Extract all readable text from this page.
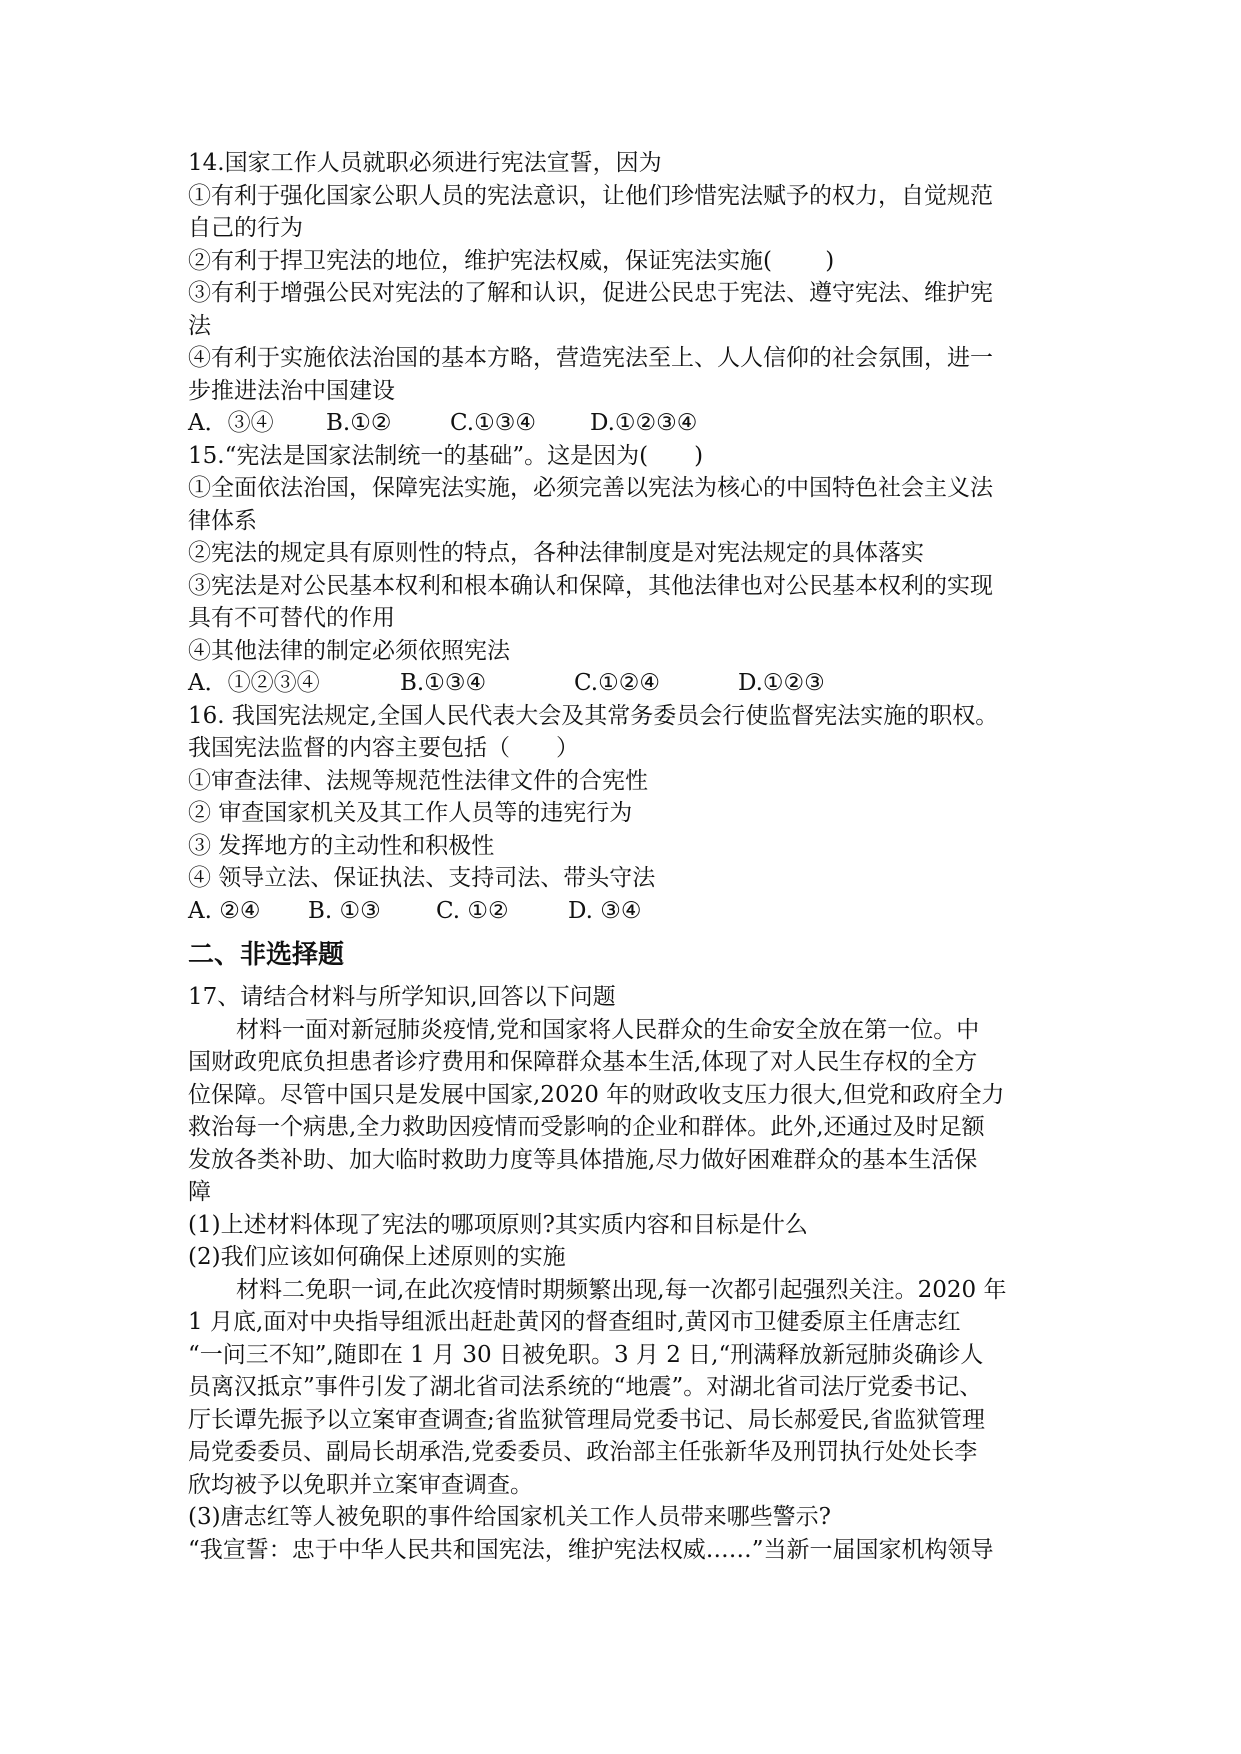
14.国家工作人员就职必须进行宪法宣誓，因为
①有利于强化国家公职人员的宪法意识，让他们珍惜宪法赋予的权力，自觉规范
自己的行为
②有利于捍卫宪法的地位，维护宪法权威，保证宪法实施(　　 )
③有利于增强公民对宪法的了解和认识，促进公民忠于宪法、遵守宪法、维护宪
法
④有利于实施依法治国的基本方略，营造宪法至上、人人信仰的社会氛围，进一
步推进法治中国建设
A．③④	B.①②	C.①③④	D.①②③④
15.“宪法是国家法制统一的基础”。这是因为(　　)
①全面依法治国，保障宪法实施，必须完善以宪法为核心的中国特色社会主义法
律体系
②宪法的规定具有原则性的特点，各种法律制度是对宪法规定的具体落实
③宪法是对公民基本权利和根本确认和保障，其他法律也对公民基本权利的实现
具有不可替代的作用
④其他法律的制定必须依照宪法
A．①②③④	B.①③④	C.①②④	D.①②③
16. 我国宪法规定,全国人民代表大会及其常务委员会行使监督宪法实施的职权。
我国宪法监督的内容主要包括（　　）
①审查法律、法规等规范性法律文件的合宪性
② 审查国家机关及其工作人员等的违宪行为
③ 发挥地方的主动性和积极性
④ 领导立法、保证执法、支持司法、带头守法
A. ②④	B. ①③	C. ①②	D. ③④
二、非选择题
17、请结合材料与所学知识,回答以下问题
材料一面对新冠肺炎疫情,党和国家将人民群众的生命安全放在第一位。中
国财政兜底负担患者诊疗费用和保障群众基本生活,体现了对人民生存权的全方
位保障。尽管中国只是发展中国家,2020 年的财政收支压力很大,但党和政府全力
救治每一个病患,全力救助因疫情而受影响的企业和群体。此外,还通过及时足额
发放各类补助、加大临时救助力度等具体措施,尽力做好困难群众的基本生活保
障
(1)上述材料体现了宪法的哪项原则?其实质内容和目标是什么
(2)我们应该如何确保上述原则的实施
材料二免职一词,在此次疫情时期频繁出现,每一次都引起强烈关注。2020 年
1 月底,面对中央指导组派出赶赴黄冈的督查组时,黄冈市卫健委原主任唐志红
“一问三不知”,随即在 1 月 30 日被免职。3 月 2 日,“刑满释放新冠肺炎确诊人
员离汉抵京”事件引发了湖北省司法系统的“地震”。对湖北省司法厅党委书记、
厅长谭先振予以立案审查调查;省监狱管理局党委书记、局长郝爱民,省监狱管理
局党委委员、副局长胡承浩,党委委员、政治部主任张新华及刑罚执行处处长李
欣均被予以免职并立案审查调查。
(3)唐志红等人被免职的事件给国家机关工作人员带来哪些警示?
“我宣誓：忠于中华人民共和国宪法，维护宪法权威……”当新一届国家机构领导
